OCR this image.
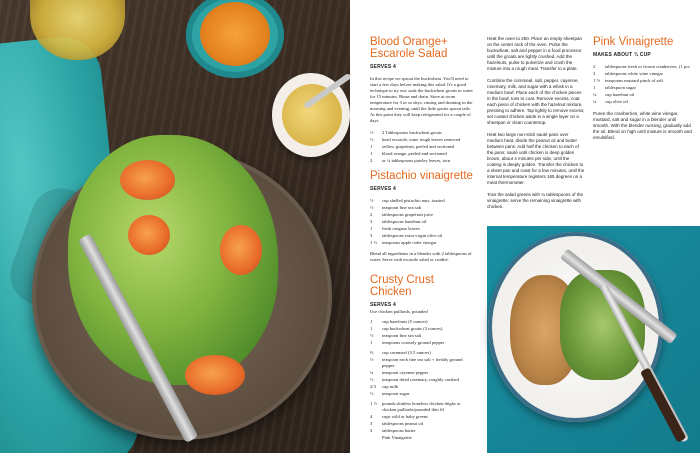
Blood Orange+ Escarole Salad
SERVES 4
In this recipe we sprout the buckwheat. You'll need to start a few days before making this salad. It's a good technique to try out: soak the buckwheat groats in water for 15 minutes. Rinse and drain. Store at room temperature for 3 or so days, rinsing and draining in the morning and evening, until the little groats sprout tails. At this point they will keep refrigerated for a couple of days.
½	2 Tablespoons buckwheat groats
½	head escarole, outer tough leaves removed
1	yellow grapefruit, peeled and sectioned
1	blood orange, peeled and sectioned
2	or ¼ tablespoons parsley leaves, torn
Pistachio vinaigrette
SERVES 4
½	cup shelled pistachio nuts, toasted
½	teaspoon fine sea salt
2	tablespoons grapefruit juice
3	tablespoons hazelnut oil
1	fresh oregano leaves
3	tablespoons extra virgin olive oil
1 ½	teaspoons apple cider vinegar
Blend all ingredients in a blender with 2 tablespoons of water. Serve with escarole salad or crudité.
Crusty Crust Chicken
SERVES 4
Use chicken paillards, pounded
1	cup hazelnuts (5 ounces)
1	cup buckwheat groats (3 ounces)
½	teaspoon fine sea salt
1	teaspoons coarsely ground pepper
⅔	cup cornmeal (3.5 ounces)
½	teaspoon each fine sea salt + freshly ground pepper
¼	teaspoon cayenne pepper
½	teaspoon dried rosemary, roughly crushed
2/3	cup milk
½	teaspoon sugar
1 ½	pounds skinless boneless chicken thighs or chicken paillards/pounded thin fil
4	cups wild or baby greens
3	tablespoons peanut oil
3	tablespoons butter
Pink Vinaigrette
Heat the oven to 250. Place an empty sheetpan on the center rack of the oven. Pulse the buckwheat, salt and pepper in a food processor until the groats are lightly crushed. Add the hazelnuts, pulse to pulverize and crush the mixture into a rough meal. Transfer to a plate.
Combine the cornmeal, salt, pepper, cayenne, rosemary, milk, and sugar with a whisk in a medium bowl. Place each of the chicken pieces in the bowl, toss to coat. Remove excess, coat each piece of chicken with the hazelnut mixture, pressing to adhere. Tap lightly to remove excess; set coated chicken aside in a single layer on a sheetpan or clean countertop.
Heat two large non-stick sauté pans over medium heat, divide the peanut oil and butter between pans. Add half the chicken to each of the pans; sauté until chicken is deep golden brown, about 4 minutes per side, until the coating is deeply golden. Transfer the chicken to a sheet pan and roast for a few minutes, until the internal temperature registers 165 degrees on a meat thermometer.
Toss the salad greens with ¼ tablespoons of the vinaigrette; serve the remaining vinaigrette with chicken.
Pink Vinaigrette
MAKES ABOUT ¾ CUP
2	tablespoons fresh or frozen cranberries, (1 pcs
3	tablespoons white wine vinegar
1 ½	teaspoons mustard pinch of salt
1	tablespoon sugar
¼	cup hazelnut oil
¼	cup olive oil
Puree the cranberries, white wine vinegar, mustard, salt and sugar in a blender until smooth. With the blender running, gradually add the oil. Blend on high until mixture is smooth and emulsified.
